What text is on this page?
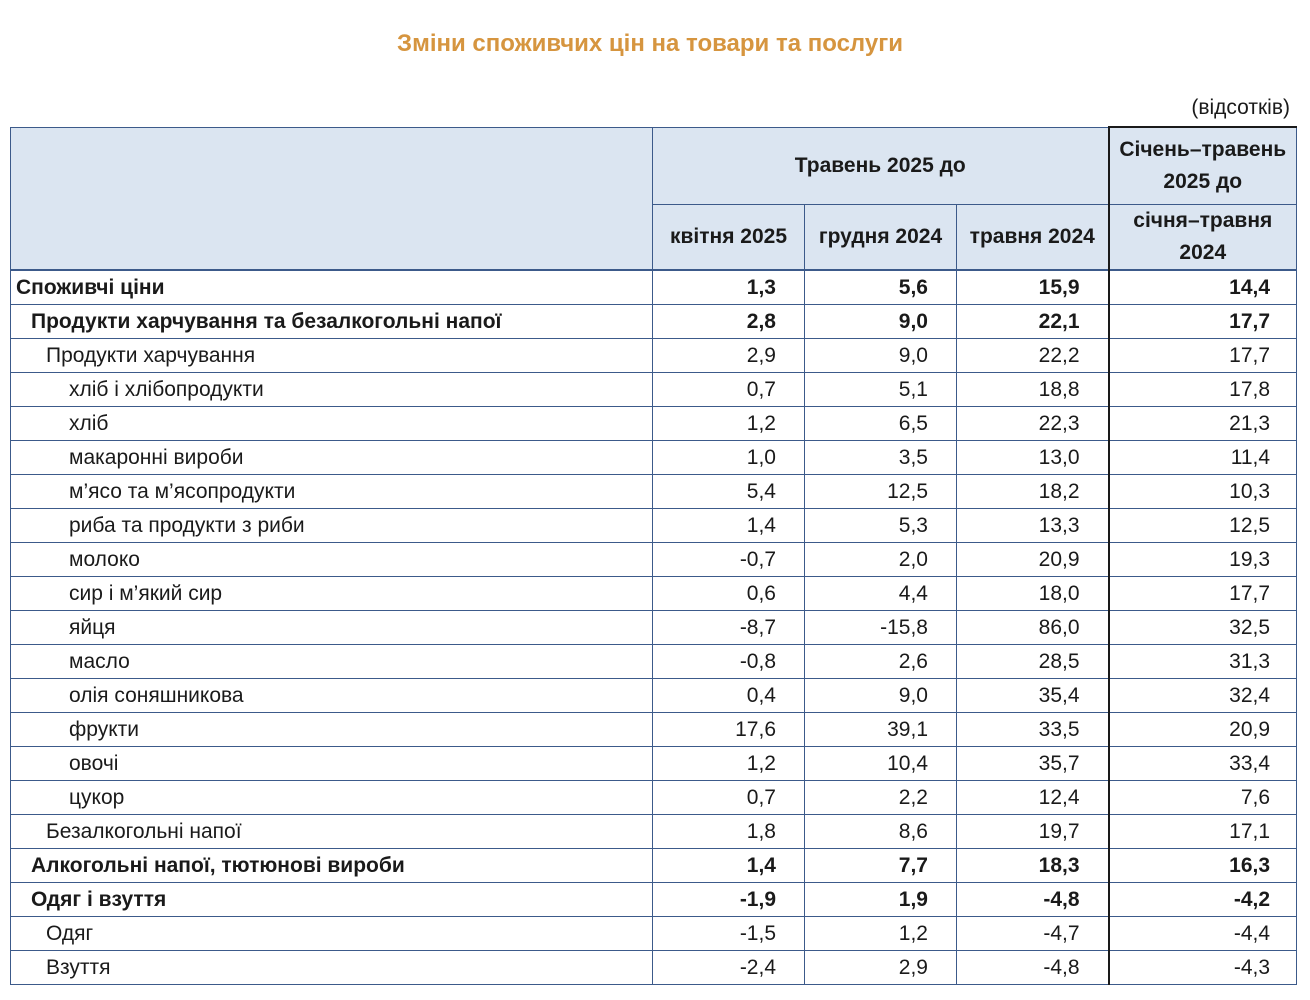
Зміни споживчих цін на товари та послуги
(відсотків)
	Травень 2025 до			Січень–травень 2025 до
	квітня 2025	грудня 2024	травня 2024	січня–травня 2024
Споживчі ціни	1,3	5,6	15,9	14,4
Продукти харчування та безалкогольні напої	2,8	9,0	22,1	17,7
Продукти харчування	2,9	9,0	22,2	17,7
хліб і хлібопродукти	0,7	5,1	18,8	17,8
хліб	1,2	6,5	22,3	21,3
макаронні вироби	1,0	3,5	13,0	11,4
м’ясо та м’ясопродукти	5,4	12,5	18,2	10,3
риба та продукти з риби	1,4	5,3	13,3	12,5
молоко	-0,7	2,0	20,9	19,3
сир і м’який сир	0,6	4,4	18,0	17,7
яйця	-8,7	-15,8	86,0	32,5
масло	-0,8	2,6	28,5	31,3
олія соняшникова	0,4	9,0	35,4	32,4
фрукти	17,6	39,1	33,5	20,9
овочі	1,2	10,4	35,7	33,4
цукор	0,7	2,2	12,4	7,6
Безалкогольні напої	1,8	8,6	19,7	17,1
Алкогольні напої, тютюнові вироби	1,4	7,7	18,3	16,3
Одяг і взуття	-1,9	1,9	-4,8	-4,2
Одяг	-1,5	1,2	-4,7	-4,4
Взуття	-2,4	2,9	-4,8	-4,3
